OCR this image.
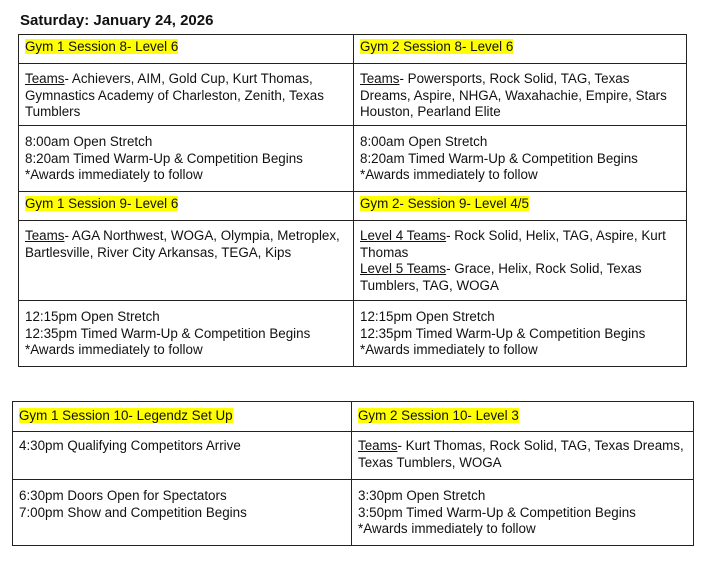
Saturday: January 24, 2026
Gym 1 Session 8- Level 6	Gym 2 Session 8- Level 6

Teams- Achievers, AIM, Gold Cup, Kurt Thomas, Gymnastics Academy of Charleston, Zenith, Texas Tumblers	Teams- Powersports, Rock Solid, TAG, Texas Dreams, Aspire, NHGA, Waxahachie, Empire, Stars Houston, Pearland Elite

8:00am Open Stretch
8:20am Timed Warm-Up & Competition Begins
*Awards immediately to follow	8:00am Open Stretch
8:20am Timed Warm-Up & Competition Begins
*Awards immediately to follow

Gym 1 Session 9- Level 6	Gym 2- Session 9- Level 4/5

Teams- AGA Northwest, WOGA, Olympia, Metroplex, Bartlesville, River City Arkansas, TEGA, Kips	Level 4 Teams- Rock Solid, Helix, TAG, Aspire, Kurt Thomas
Level 5 Teams- Grace, Helix, Rock Solid, Texas Tumblers, TAG, WOGA

12:15pm Open Stretch
12:35pm Timed Warm-Up & Competition Begins
*Awards immediately to follow	12:15pm Open Stretch
12:35pm Timed Warm-Up & Competition Begins
*Awards immediately to follow
Gym 1 Session 10- Legendz Set Up	Gym 2 Session 10- Level 3

4:30pm Qualifying Competitors Arrive	Teams- Kurt Thomas, Rock Solid, TAG, Texas Dreams, Texas Tumblers, WOGA

6:30pm Doors Open for Spectators
7:00pm Show and Competition Begins	3:30pm Open Stretch
3:50pm Timed Warm-Up & Competition Begins
*Awards immediately to follow
